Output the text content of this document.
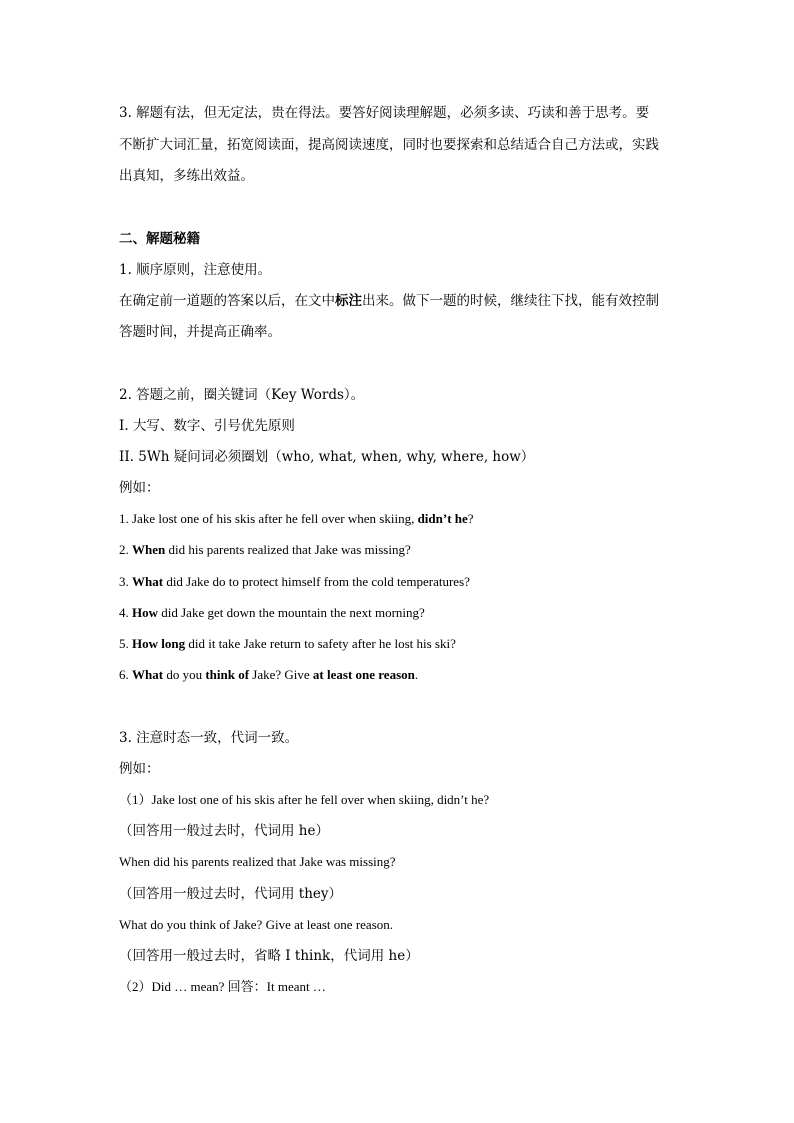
3. 解题有法，但无定法，贵在得法。要答好阅读理解题，必须多读、巧读和善于思考。要
不断扩大词汇量，拓宽阅读面，提高阅读速度，同时也要探索和总结适合自己方法或，实践
出真知，多练出效益。
二、解题秘籍
1. 顺序原则，注意使用。
在确定前一道题的答案以后，在文中标注出来。做下一题的时候，继续往下找，能有效控制
答题时间，并提高正确率。
2. 答题之前，圈关键词（Key Words）。
I. 大写、数字、引号优先原则
II. 5Wh 疑问词必须圈划（who, what, when, why, where, how）
例如：
1. Jake lost one of his skis after he fell over when skiing, didn’t he?
2. When did his parents realized that Jake was missing?
3. What did Jake do to protect himself from the cold temperatures?
4. How did Jake get down the mountain the next morning?
5. How long did it take Jake return to safety after he lost his ski?
6. What do you think of Jake? Give at least one reason.
3. 注意时态一致，代词一致。
例如：
（1）Jake lost one of his skis after he fell over when skiing, didn’t he?
（回答用一般过去时，代词用 he）
When did his parents realized that Jake was missing?
（回答用一般过去时，代词用 they）
What do you think of Jake? Give at least one reason.
（回答用一般过去时，省略 I think，代词用 he）
（2）Did … mean? 回答：It meant …
